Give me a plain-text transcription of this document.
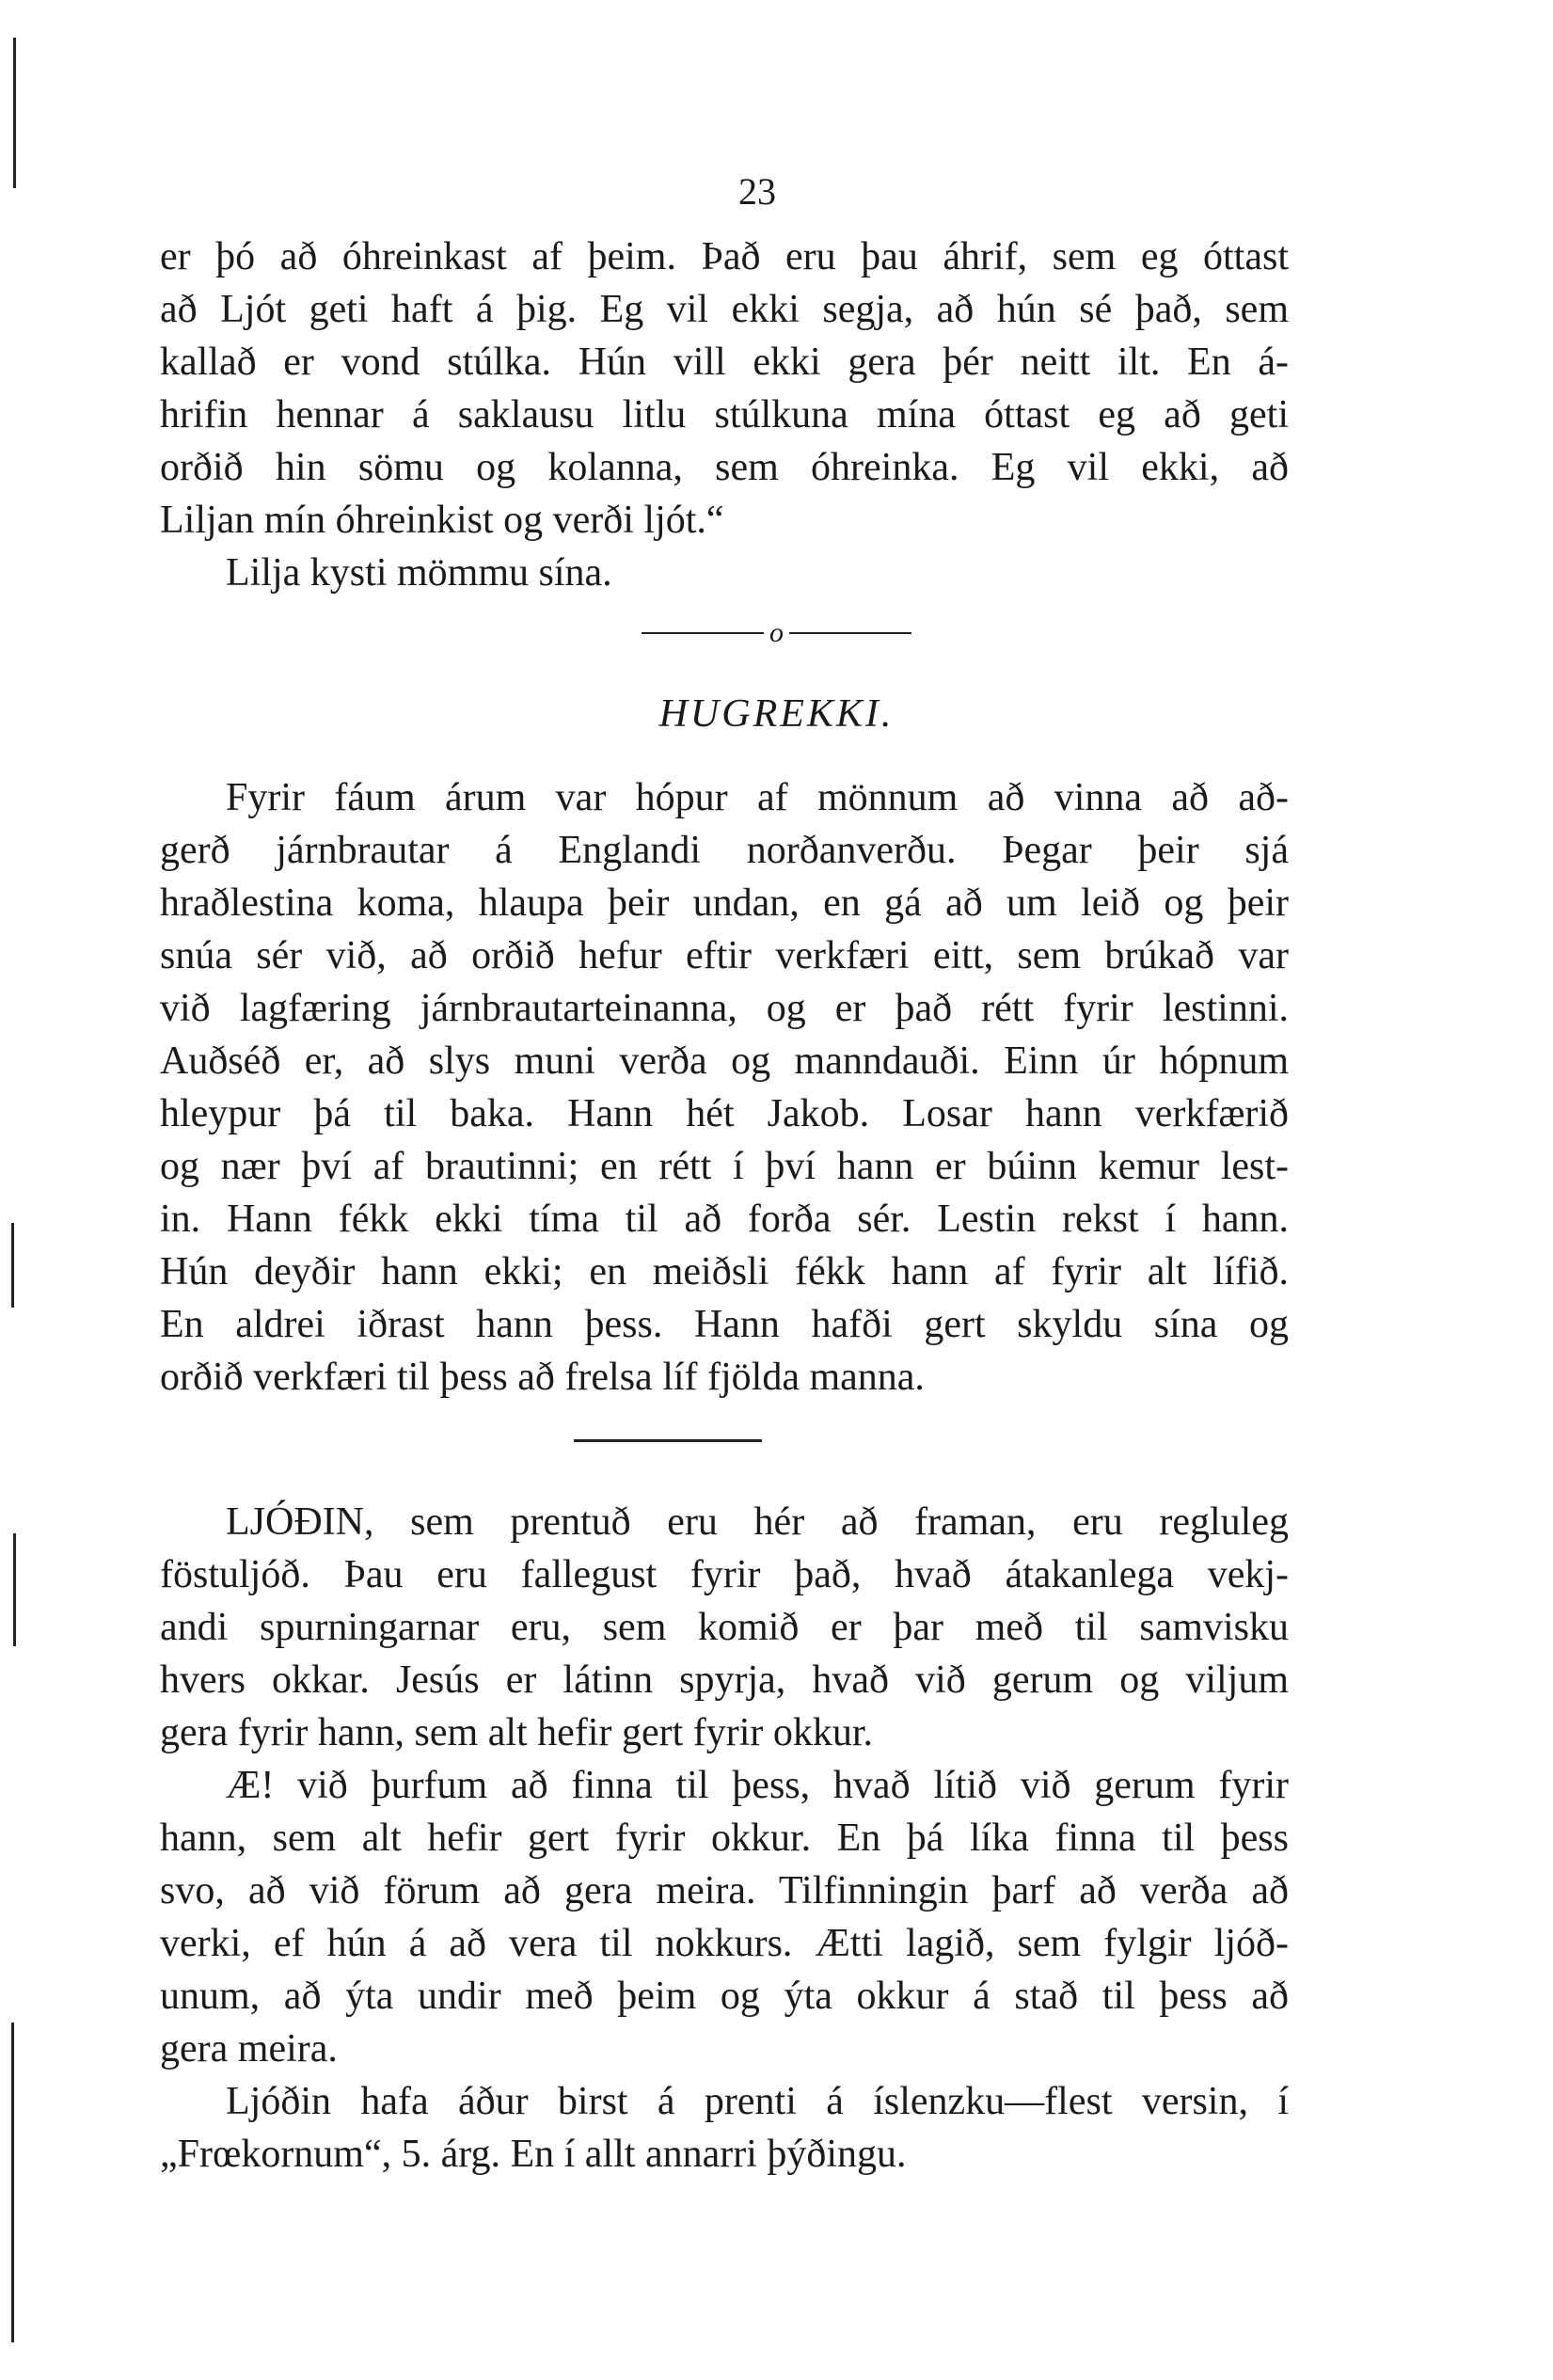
23
er þó að óhreinkast af þeim. Það eru þau áhrif, sem eg óttast
að Ljót geti haft á þig. Eg vil ekki segja, að hún sé það, sem
kallað er vond stúlka. Hún vill ekki gera þér neitt ilt. En á-
hrifin hennar á saklausu litlu stúlkuna mína óttast eg að geti
orðið hin sömu og kolanna, sem óhreinka. Eg vil ekki, að
Liljan mín óhreinkist og verði ljót.“
Lilja kysti mömmu sína.
o
HUGREKKI.
Fyrir fáum árum var hópur af mönnum að vinna að að-
gerð járnbrautar á Englandi norðanverðu. Þegar þeir sjá
hraðlestina koma, hlaupa þeir undan, en gá að um leið og þeir
snúa sér við, að orðið hefur eftir verkfæri eitt, sem brúkað var
við lagfæring járnbrautarteinanna, og er það rétt fyrir lestinni.
Auðséð er, að slys muni verða og manndauði. Einn úr hópnum
hleypur þá til baka. Hann hét Jakob. Losar hann verkfærið
og nær því af brautinni; en rétt í því hann er búinn kemur lest-
in. Hann fékk ekki tíma til að forða sér. Lestin rekst í hann.
Hún deyðir hann ekki; en meiðsli fékk hann af fyrir alt lífið.
En aldrei iðrast hann þess. Hann hafði gert skyldu sína og
orðið verkfæri til þess að frelsa líf fjölda manna.
LJÓÐIN, sem prentuð eru hér að framan, eru regluleg
föstuljóð. Þau eru fallegust fyrir það, hvað átakanlega vekj-
andi spurningarnar eru, sem komið er þar með til samvisku
hvers okkar. Jesús er látinn spyrja, hvað við gerum og viljum
gera fyrir hann, sem alt hefir gert fyrir okkur.
Æ! við þurfum að finna til þess, hvað lítið við gerum fyrir
hann, sem alt hefir gert fyrir okkur. En þá líka finna til þess
svo, að við förum að gera meira. Tilfinningin þarf að verða að
verki, ef hún á að vera til nokkurs. Ætti lagið, sem fylgir ljóð-
unum, að ýta undir með þeim og ýta okkur á stað til þess að
gera meira.
Ljóðin hafa áður birst á prenti á íslenzku—flest versin, í
„Frœkornum“, 5. árg. En í allt annarri þýðingu.
